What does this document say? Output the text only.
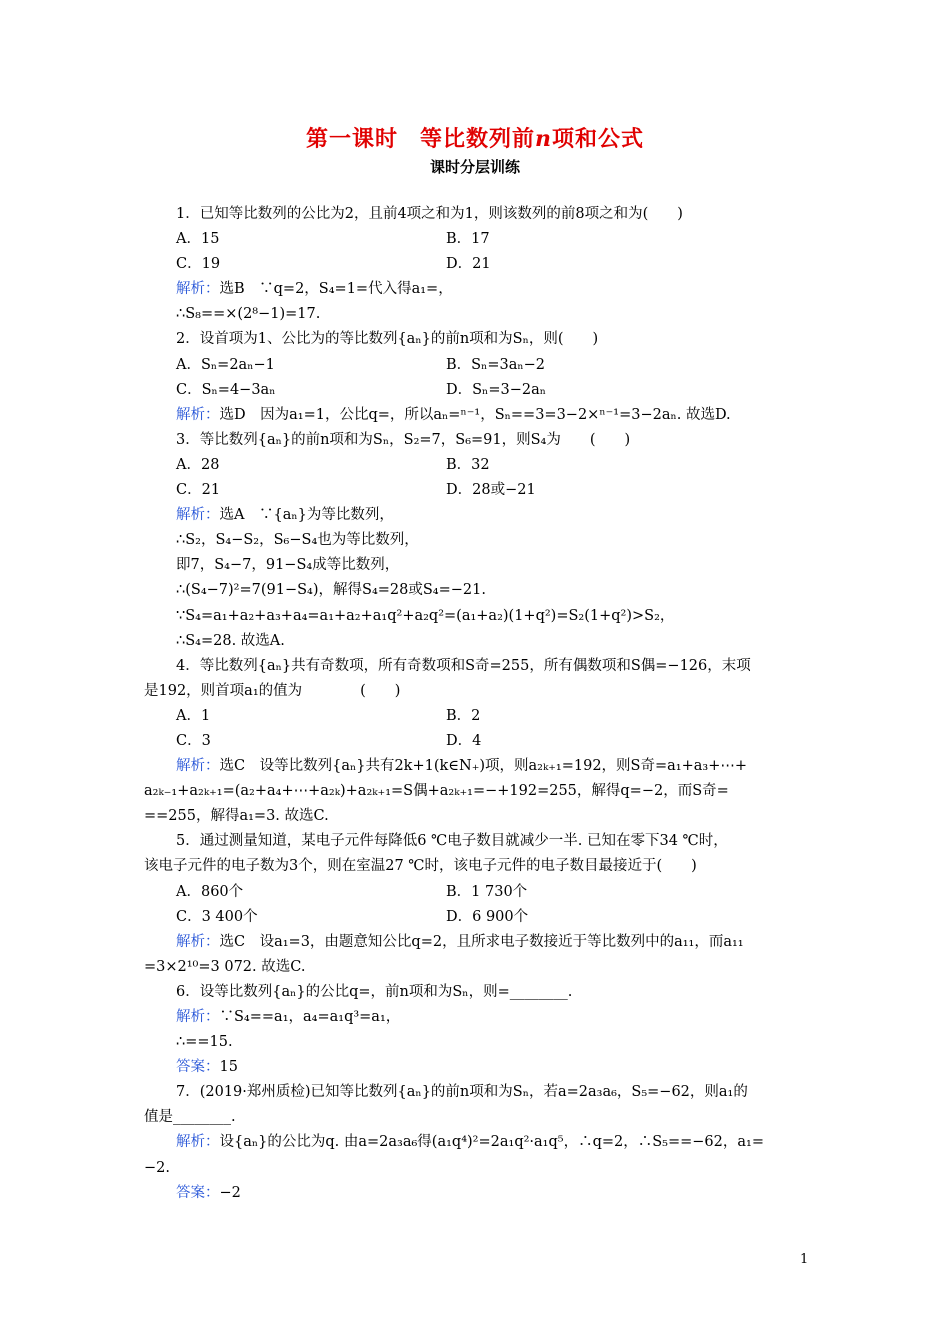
第一课时 等比数列前n项和公式
课时分层训练
1．已知等比数列的公比为2，且前4项之和为1，则该数列的前8项之和为(　　)
A．15	B．17
C．19	D．21
解析：选B　∵q=2，S₄=1=代入得a₁=，
∴S₈==×(2⁸−1)=17.
2．设首项为1、公比为的等比数列{aₙ}的前n项和为Sₙ，则(　　)
A．Sₙ=2aₙ−1	B．Sₙ=3aₙ−2
C．Sₙ=4−3aₙ	D．Sₙ=3−2aₙ
解析：选D　因为a₁=1，公比q=，所以aₙ=ⁿ⁻¹，Sₙ==3=3−2×ⁿ⁻¹=3−2aₙ. 故选D.
3．等比数列{aₙ}的前n项和为Sₙ，S₂=7，S₆=91，则S₄为　　(　　)
A．28	B．32
C．21	D．28或−21
解析：选A　∵{aₙ}为等比数列，
∴S₂，S₄−S₂，S₆−S₄也为等比数列，
即7，S₄−7，91−S₄成等比数列，
∴(S₄−7)²=7(91−S₄)，解得S₄=28或S₄=−21.
∵S₄=a₁+a₂+a₃+a₄=a₁+a₂+a₁q²+a₂q²=(a₁+a₂)(1+q²)=S₂(1+q²)>S₂，
∴S₄=28. 故选A.
4．等比数列{aₙ}共有奇数项，所有奇数项和S奇=255，所有偶数项和S偶=−126，末项
是192，则首项a₁的值为　　　　(　　)
A．1	B．2
C．3	D．4
解析：选C　设等比数列{aₙ}共有2k+1(k∈N₊)项，则a₂ₖ₊₁=192，则S奇=a₁+a₃+⋯+
a₂ₖ₋₁+a₂ₖ₊₁=(a₂+a₄+⋯+a₂ₖ)+a₂ₖ₊₁=S偶+a₂ₖ₊₁=−+192=255，解得q=−2，而S奇=
==255，解得a₁=3. 故选C.
5．通过测量知道，某电子元件每降低6 ℃电子数目就减少一半. 已知在零下34 ℃时，
该电子元件的电子数为3个，则在室温27 ℃时，该电子元件的电子数目最接近于(　　)
A．860个	B．1 730个
C．3 400个	D．6 900个
解析：选C　设a₁=3，由题意知公比q=2，且所求电子数接近于等比数列中的a₁₁，而a₁₁
=3×2¹⁰=3 072. 故选C.
6．设等比数列{aₙ}的公比q=，前n项和为Sₙ，则=________.
解析：∵S₄==a₁，a₄=a₁q³=a₁，
∴==15.
答案：15
7．(2019·郑州质检)已知等比数列{aₙ}的前n项和为Sₙ，若a=2a₃a₆，S₅=−62，则a₁的
值是________.
解析：设{aₙ}的公比为q. 由a=2a₃a₆得(a₁q⁴)²=2a₁q²·a₁q⁵，∴q=2，∴S₅==−62，a₁=
−2.
答案：−2
1
